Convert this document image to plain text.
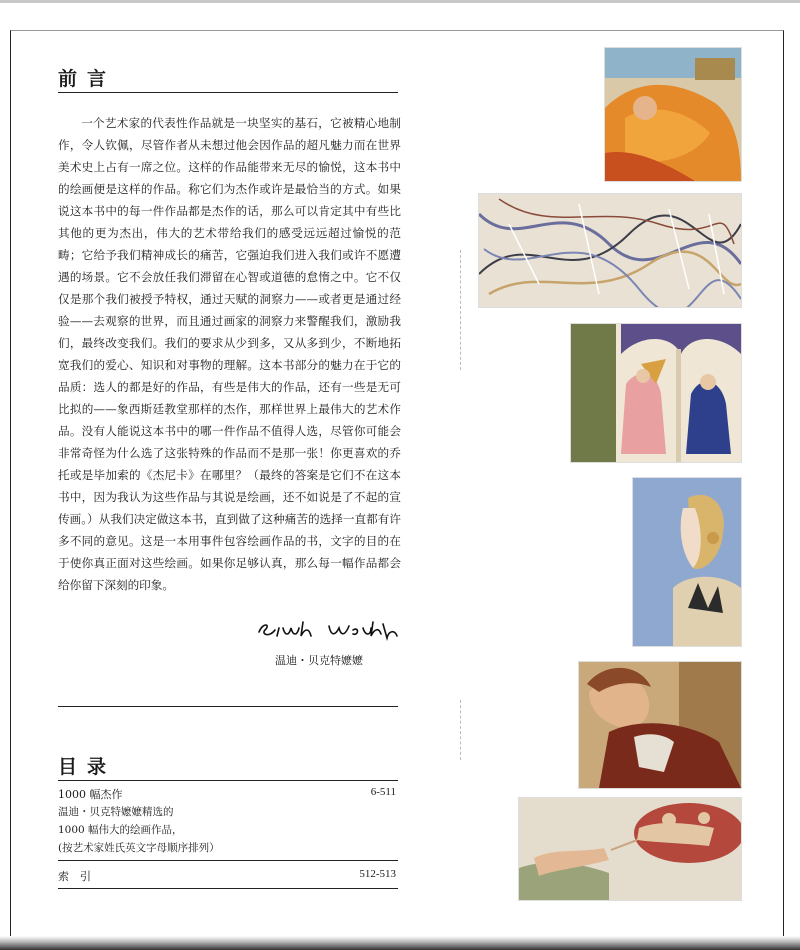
前言
一个艺术家的代表性作品就是一块坚实的基石，它被精心地制作，令人钦佩，尽管作者从未想过他会因作品的超凡魅力而在世界美术史上占有一席之位。这样的作品能带来无尽的愉悦，这本书中的绘画便是这样的作品。称它们为杰作或许是最恰当的方式。如果说这本书中的每一件作品都是杰作的话，那么可以肯定其中有些比其他的更为杰出，伟大的艺术带给我们的感受远远超过愉悦的范畴；它给予我们精神成长的痛苦，它强迫我们进入我们或许不愿遭遇的场景。它不会放任我们滞留在心智或道德的怠惰之中。它不仅仅是那个我们被授予特权，通过天赋的洞察力——或者更是通过经验——去观察的世界，而且通过画家的洞察力来警醒我们，激励我们，最终改变我们。我们的要求从少到多，又从多到少，不断地拓宽我们的爱心、知识和对事物的理解。这本书部分的魅力在于它的品质：选人的都是好的作品，有些是伟大的作品，还有一些是无可比拟的——象西斯廷教堂那样的杰作，那样世界上最伟大的艺术作品。没有人能说这本书中的哪一件作品不值得人选，尽管你可能会非常奇怪为什么选了这张特殊的作品而不是那一张！你更喜欢的乔托或是毕加索的《杰尼卡》在哪里？（最终的答案是它们不在这本书中，因为我认为这些作品与其说是绘画，还不如说是了不起的宣传画。）从我们决定做这本书，直到做了这种痛苦的选择一直都有许多不同的意见。这是一本用事件包容绘画作品的书，文字的目的在于使你真正面对这些绘画。如果你足够认真，那么每一幅作品都会给你留下深刻的印象。
温迪・贝克特嬷嬷
目录
1000 幅杰作	6-511
温迪・贝克特嬷嬷精选的
1000 幅伟大的绘画作品，
(按艺术家姓氏英文字母顺序排列）
索　引	512-513
